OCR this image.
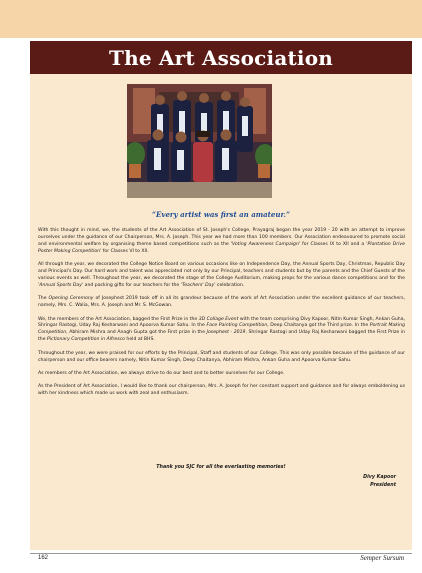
The Art Association
“Every artist was first an amateur.”

With this thought in mind, we, the students of the Art Association of St. Joseph's College, Prayagraj began the year 2019 - 20 with an attempt to improve ourselves under the guidance of our Chairperson, Mrs. A. Joseph. This year we had more than 100 members. Our Association endeavoured to promote social and environmental welfare by organising theme based competitions such as the 'Voting Awareness Campaign' for Classes IX to XII and a 'Plantation Drive Poster Making Competition' for Classes VI to XII.

All through the year, we decorated the College Notice Board on various occasions like on Independence Day, the Annual Sports Day, Christmas, Republic Day and Principal's Day. Our hard work and talent was appreciated not only by our Principal, teachers and students but by the parents and the Chief Guests of the various events as well. Throughout the year, we decorated the stage of the College Auditorium, making props for the various dance competitions and for the 'Annual Sports Day' and packing gifts for our teachers for the 'Teachers' Day' celebration.

The Opening Ceremony of Josephest 2019 took off in all its grandeur because of the work of Art Association under the excellent guidance of our teachers, namely, Mrs. C. Walia, Mrs. A. Joseph and Mr. S. McGowan.

We, the members of the Art Association, bagged the First Prize in the 3D Collage Event with the team comprising Divy Kapoor, Nitin Kumar Singh, Ankan Guha, Shringar Rastogi, Uday Raj Kesharwani and Apoorva Kumar Sahu. In the Face Painting Competition, Deep Chaitanya got the Third prize. In the Portrait Making Competition, Abhiram Mishra and Anagh Gupta got the First prize in the Josephest - 2019. Shringar Rastogi and Uday Raj Kesharwani bagged the First Prize in the Pictionary Competition in Alfresco held at BHS.

Throughout the year, we were praised for our efforts by the Principal, Staff and students of our College. This was only possible because of the guidance of our chairperson and our office bearers namely, Nitin Kumar Singh, Deep Chaitanya, Abhiram Mishra, Ankan Guha and Apoorva Kumar Sahu.

As members of the Art Association, we always strive to do our best and to better ourselves for our College.

As the President of Art Association, I would like to thank our chairperson, Mrs. A. Joseph for her constant support and guidance and for always emboldening us with her kindness which made us work with zeal and enthusiasm.

Thank you SJC for all the everlasting memories!
Divy Kapoor
President
162	Semper Sursum
